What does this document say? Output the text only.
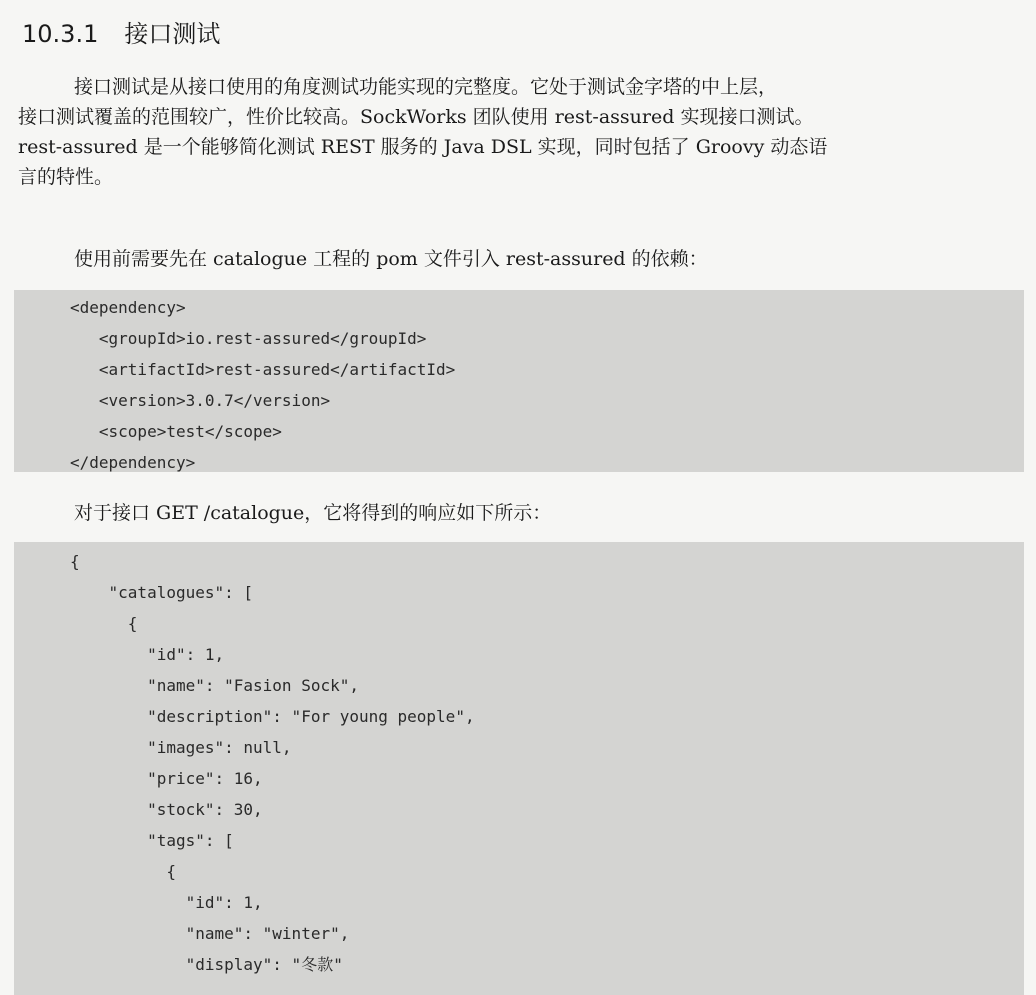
10.3.1 接口测试
接口测试是从接口使用的角度测试功能实现的完整度。它处于测试金字塔的中上层，
接口测试覆盖的范围较广，性价比较高。SockWorks 团队使用 rest-assured 实现接口测试。
rest-assured 是一个能够简化测试 REST 服务的 Java DSL 实现，同时包括了 Groovy 动态语
言的特性。
使用前需要先在 catalogue 工程的 pom 文件引入 rest-assured 的依赖：
<dependency>
<groupId>io.rest-assured</groupId>
<artifactId>rest-assured</artifactId>
<version>3.0.7</version>
<scope>test</scope>
</dependency>
对于接口 GET /catalogue，它将得到的响应如下所示：
{
"catalogues": [
{
"id": 1,
"name": "Fasion Sock",
"description": "For young people",
"images": null,
"price": 16,
"stock": 30,
"tags": [
{
"id": 1,
"name": "winter",
"display": "冬款"
